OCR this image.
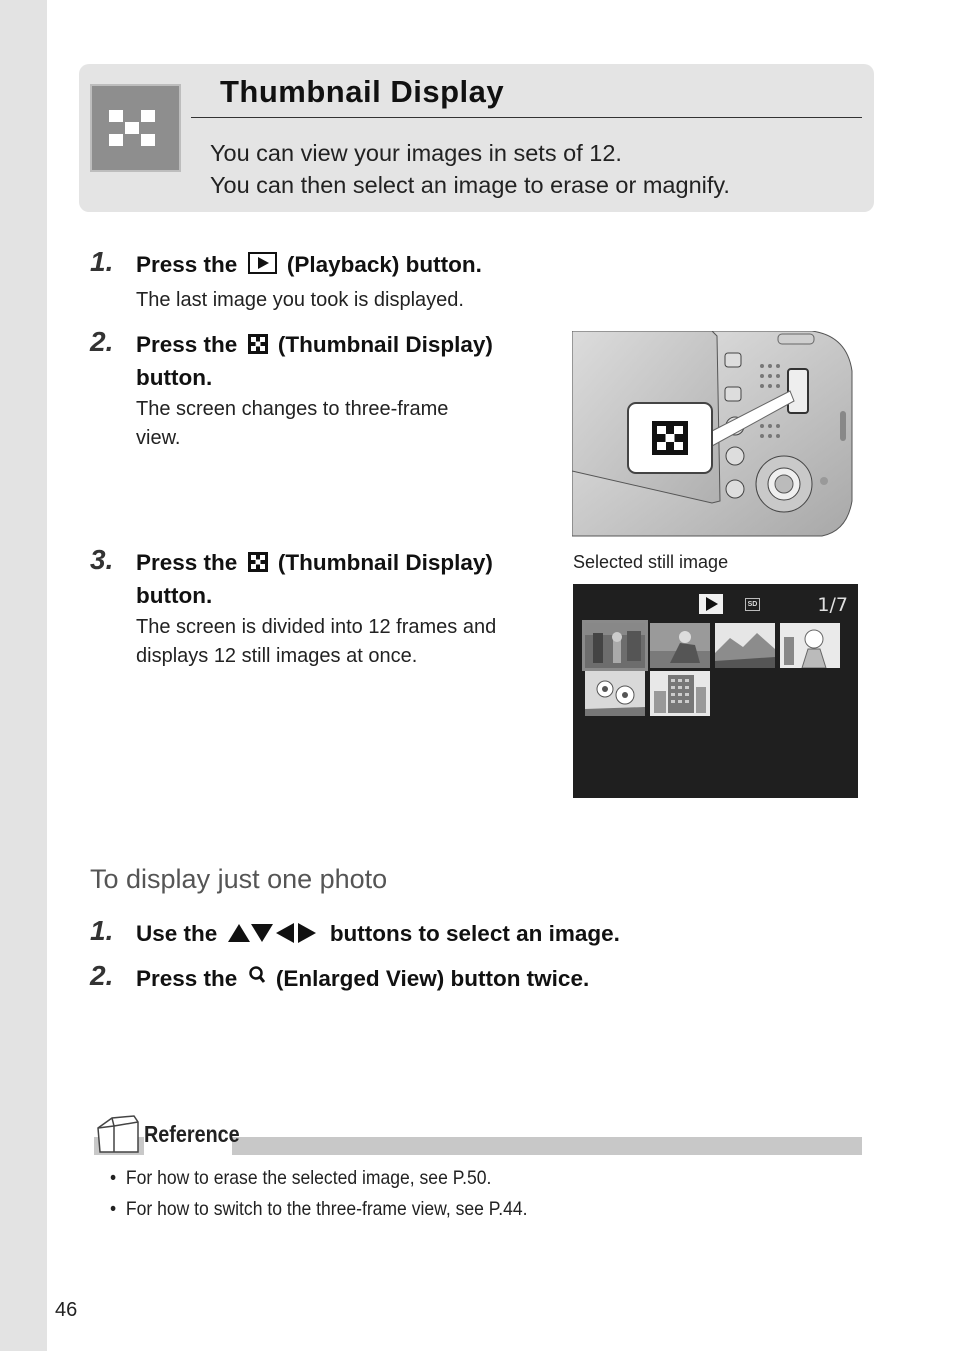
Thumbnail Display
You can view your images in sets of 12.
You can then select an image to erase or magnify.
1. Press the (Playback) button.
The last image you took is displayed.
2. Press the (Thumbnail Display)
button.
The screen changes to three-frame
view.
3. Press the (Thumbnail Display)
button.
The screen is divided into 12 frames and
displays 12 still images at once.
Selected still image
SD	1/7
To display just one photo
1. Use the	buttons to select an image.
2. Press the (Enlarged View) button twice.
Reference
•  For how to erase the selected image, see P.50.
•  For how to switch to the three-frame view, see P.44.
46
